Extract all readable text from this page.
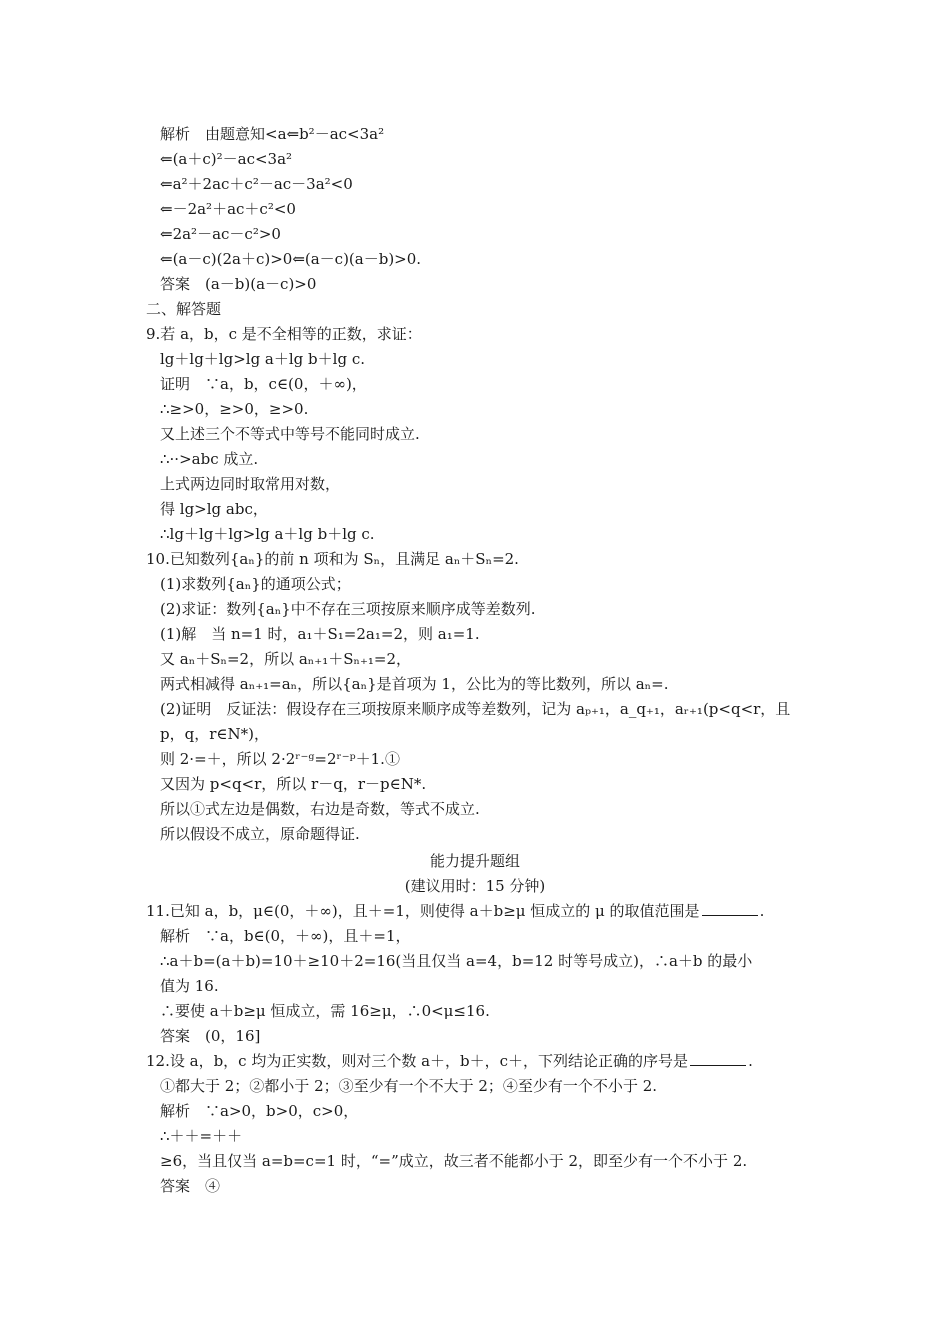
解析　由题意知<a⇐b²－ac<3a²
⇐(a＋c)²－ac<3a²
⇐a²＋2ac＋c²－ac－3a²<0
⇐－2a²＋ac＋c²<0
⇐2a²－ac－c²>0
⇐(a－c)(2a＋c)>0⇐(a－c)(a－b)>0.
答案　(a－b)(a－c)>0
二、解答题
9.若 a，b，c 是不全相等的正数，求证：
lg＋lg＋lg>lg a＋lg b＋lg c.
证明　∵a，b，c∈(0，＋∞)，
∴≥>0，≥>0，≥>0.
又上述三个不等式中等号不能同时成立.
∴··>abc 成立.
上式两边同时取常用对数，
得 lg>lg abc，
∴lg＋lg＋lg>lg a＋lg b＋lg c.
10.已知数列{aₙ}的前 n 项和为 Sₙ，且满足 aₙ＋Sₙ=2.
(1)求数列{aₙ}的通项公式；
(2)求证：数列{aₙ}中不存在三项按原来顺序成等差数列.
(1)解　当 n=1 时，a₁＋S₁=2a₁=2，则 a₁=1.
又 aₙ＋Sₙ=2，所以 aₙ₊₁＋Sₙ₊₁=2，
两式相减得 aₙ₊₁=aₙ，所以{aₙ}是首项为 1，公比为的等比数列，所以 aₙ=.
(2)证明　反证法：假设存在三项按原来顺序成等差数列，记为 aₚ₊₁，a_q₊₁，aᵣ₊₁(p<q<r，且
p，q，r∈N*)，
则 2·=＋，所以 2·2ʳ⁻ᵍ=2ʳ⁻ᵖ＋1.①
又因为 p<q<r，所以 r－q，r－p∈N*.
所以①式左边是偶数，右边是奇数，等式不成立.
所以假设不成立，原命题得证.
能力提升题组
(建议用时：15 分钟)
11.已知 a，b，μ∈(0，＋∞)，且＋=1，则使得 a＋b≥μ 恒成立的 μ 的取值范围是	.
解析　∵a，b∈(0，＋∞)，且＋=1，
∴a＋b=(a＋b)=10＋≥10＋2=16(当且仅当 a=4，b=12 时等号成立)，∴a＋b 的最小
值为 16.
∴要使 a＋b≥μ 恒成立，需 16≥μ，∴0<μ≤16.
答案　(0，16]
12.设 a，b，c 均为正实数，则对三个数 a＋，b＋，c＋，下列结论正确的序号是	.
①都大于 2；②都小于 2；③至少有一个不大于 2；④至少有一个不小于 2.
解析　∵a>0，b>0，c>0，
∴＋＋=＋＋
≥6，当且仅当 a=b=c=1 时，“=”成立，故三者不能都小于 2，即至少有一个不小于 2.
答案　④
